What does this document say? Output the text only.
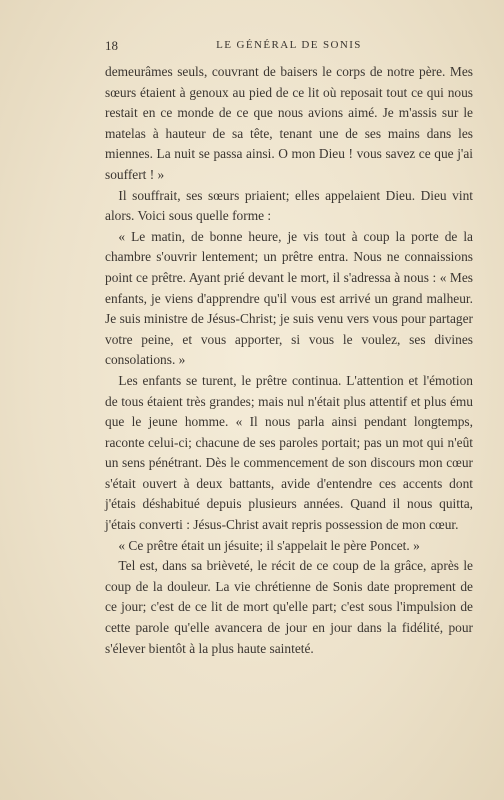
18	LE GÉNÉRAL DE SONIS

demeurâmes seuls, couvrant de baisers le corps de notre père. Mes sœurs étaient à genoux au pied de ce lit où reposait tout ce qui nous restait en ce monde de ce que nous avions aimé. Je m'assis sur le matelas à hauteur de sa tête, tenant une de ses mains dans les miennes. La nuit se passa ainsi. O mon Dieu ! vous savez ce que j'ai souffert ! »

Il souffrait, ses sœurs priaient; elles appelaient Dieu. Dieu vint alors. Voici sous quelle forme :

« Le matin, de bonne heure, je vis tout à coup la porte de la chambre s'ouvrir lentement; un prêtre entra. Nous ne connaissions point ce prêtre. Ayant prié devant le mort, il s'adressa à nous : « Mes enfants, je viens d'apprendre qu'il vous est arrivé un grand malheur. Je suis ministre de Jésus-Christ; je suis venu vers vous pour partager votre peine, et vous apporter, si vous le voulez, ses divines consolations. »

Les enfants se turent, le prêtre continua. L'attention et l'émotion de tous étaient très grandes; mais nul n'était plus attentif et plus ému que le jeune homme. « Il nous parla ainsi pendant longtemps, raconte celui-ci; chacune de ses paroles portait; pas un mot qui n'eût un sens pénétrant. Dès le commencement de son discours mon cœur s'était ouvert à deux battants, avide d'entendre ces accents dont j'étais déshabitué depuis plusieurs années. Quand il nous quitta, j'étais converti : Jésus-Christ avait repris possession de mon cœur.

« Ce prêtre était un jésuite; il s'appelait le père Poncet. »

Tel est, dans sa brièveté, le récit de ce coup de la grâce, après le coup de la douleur. La vie chrétienne de Sonis date proprement de ce jour; c'est de ce lit de mort qu'elle part; c'est sous l'impulsion de cette parole qu'elle avancera de jour en jour dans la fidélité, pour s'élever bientôt à la plus haute sainteté.
